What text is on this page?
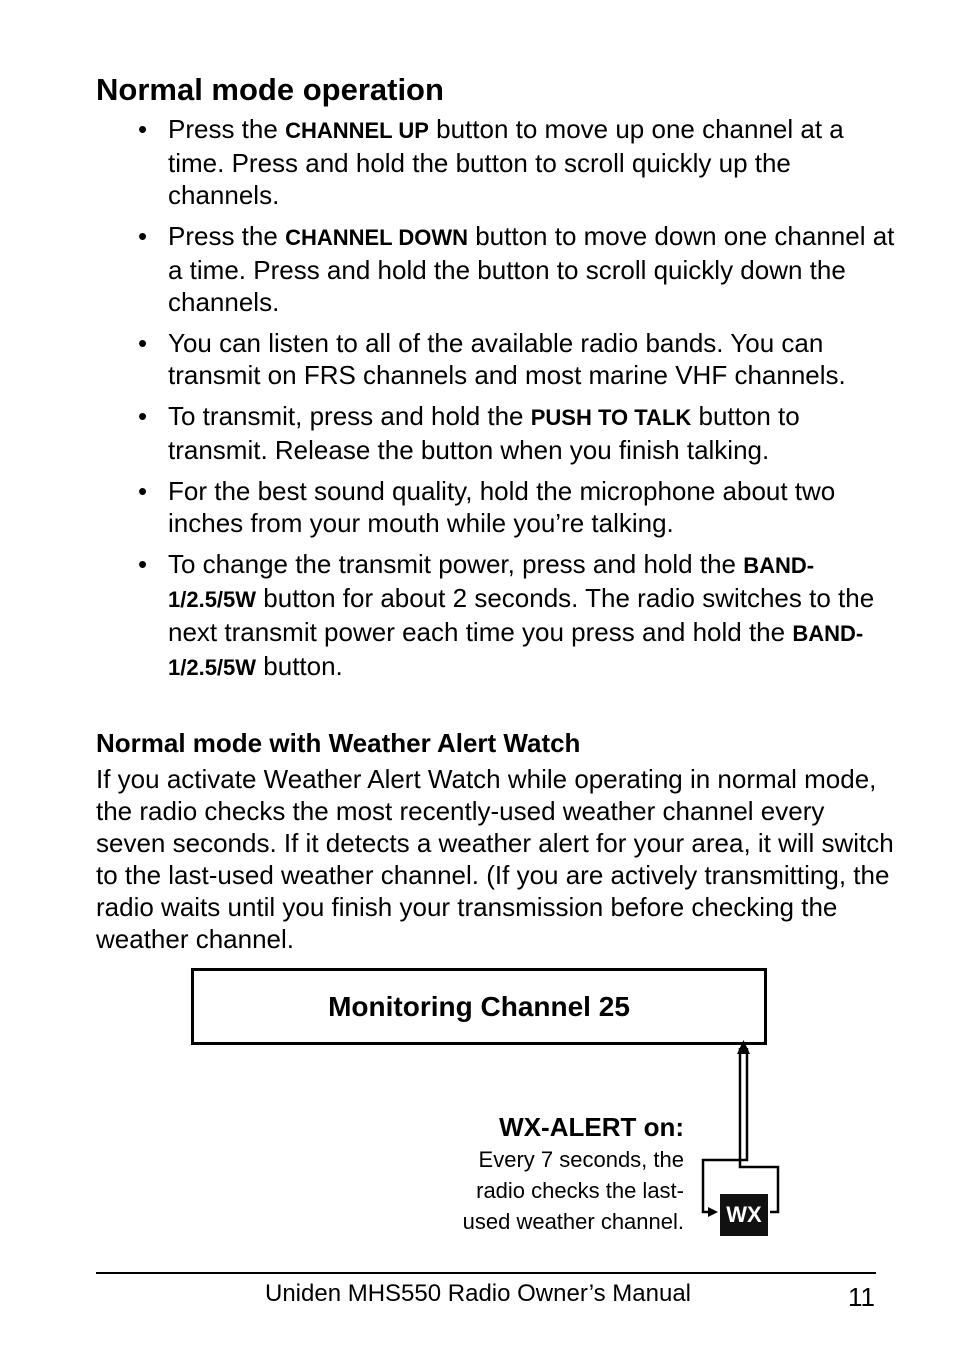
Normal mode operation
• Press the CHANNEL UP button to move up one channel at a time. Press and hold the button to scroll quickly up the channels.
• Press the CHANNEL DOWN button to move down one channel at a time. Press and hold the button to scroll quickly down the channels.
• You can listen to all of the available radio bands. You can transmit on FRS channels and most marine VHF channels.
• To transmit, press and hold the PUSH TO TALK button to transmit. Release the button when you finish talking.
• For the best sound quality, hold the microphone about two inches from your mouth while you’re talking.
• To change the transmit power, press and hold the BAND-1/2.5/5W button for about 2 seconds. The radio switches to the next transmit power each time you press and hold the BAND-1/2.5/5W button.
Normal mode with Weather Alert Watch
If you activate Weather Alert Watch while operating in normal mode, the radio checks the most recently-used weather channel every seven seconds. If it detects a weather alert for your area, it will switch to the last-used weather channel. (If you are actively transmitting, the radio waits until you finish your transmission before checking the weather channel.
Monitoring Channel 25
WX-ALERT on:
Every 7 seconds, the
radio checks the last-
used weather channel. WX
Uniden MHS550 Radio Owner’s Manual	11
